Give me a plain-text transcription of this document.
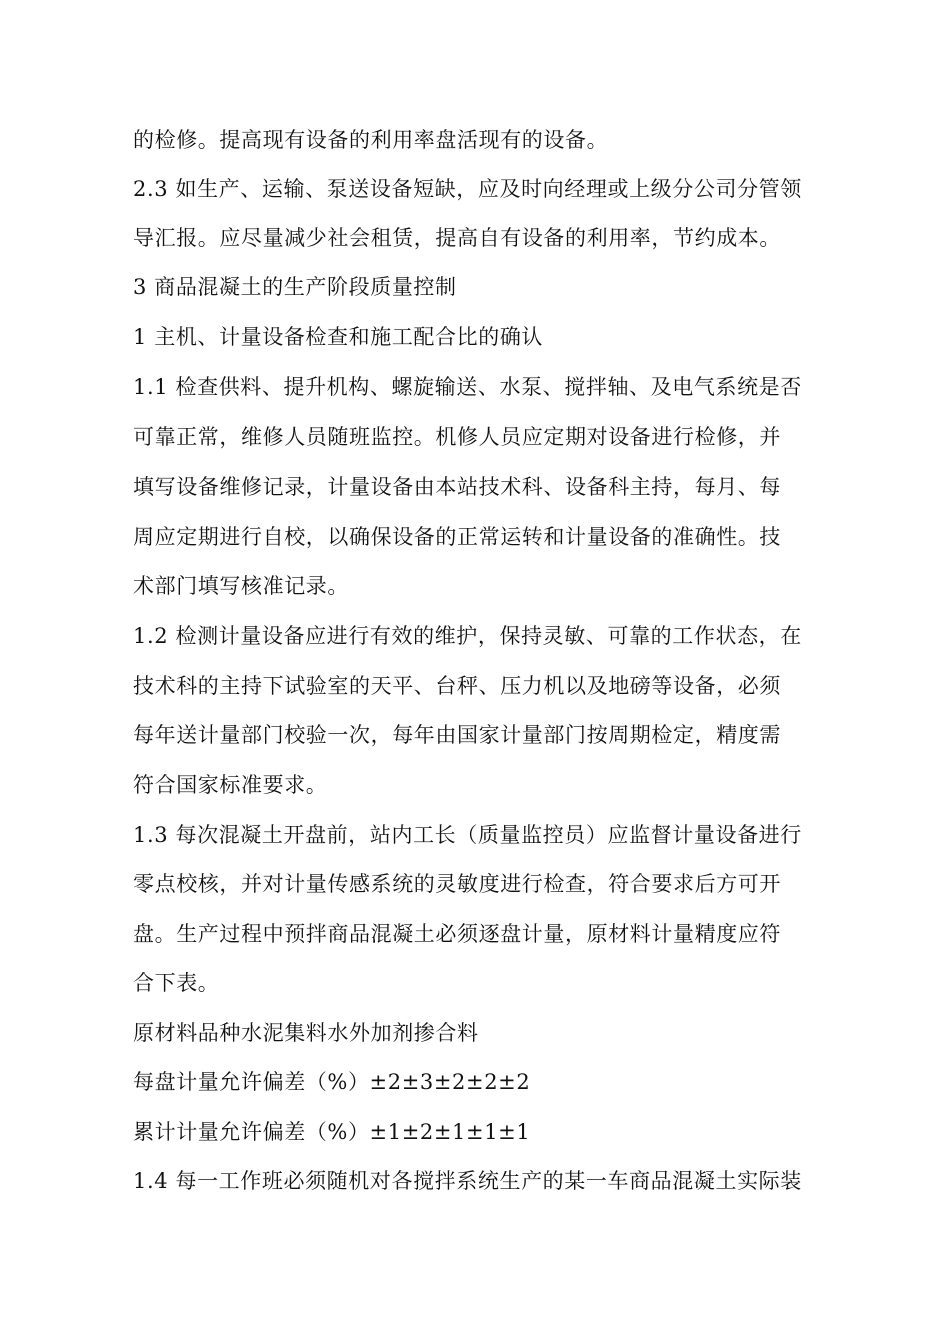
的检修。提高现有设备的利用率盘活现有的设备。
2.3 如生产、运输、泵送设备短缺，应及时向经理或上级分公司分管领
导汇报。应尽量减少社会租赁，提高自有设备的利用率，节约成本。
3 商品混凝土的生产阶段质量控制
1 主机、计量设备检查和施工配合比的确认
1.1 检查供料、提升机构、螺旋输送、水泵、搅拌轴、及电气系统是否
可靠正常，维修人员随班监控。机修人员应定期对设备进行检修，并
填写设备维修记录，计量设备由本站技术科、设备科主持，每月、每
周应定期进行自校，以确保设备的正常运转和计量设备的准确性。技
术部门填写核准记录。
1.2 检测计量设备应进行有效的维护，保持灵敏、可靠的工作状态，在
技术科的主持下试验室的天平、台秤、压力机以及地磅等设备，必须
每年送计量部门校验一次，每年由国家计量部门按周期检定，精度需
符合国家标准要求。
1.3 每次混凝土开盘前，站内工长（质量监控员）应监督计量设备进行
零点校核，并对计量传感系统的灵敏度进行检查，符合要求后方可开
盘。生产过程中预拌商品混凝土必须逐盘计量，原材料计量精度应符
合下表。
原材料品种水泥集料水外加剂掺合料
每盘计量允许偏差（%）±2±3±2±2±2
累计计量允许偏差（%）±1±2±1±1±1
1.4 每一工作班必须随机对各搅拌系统生产的某一车商品混凝土实际装
